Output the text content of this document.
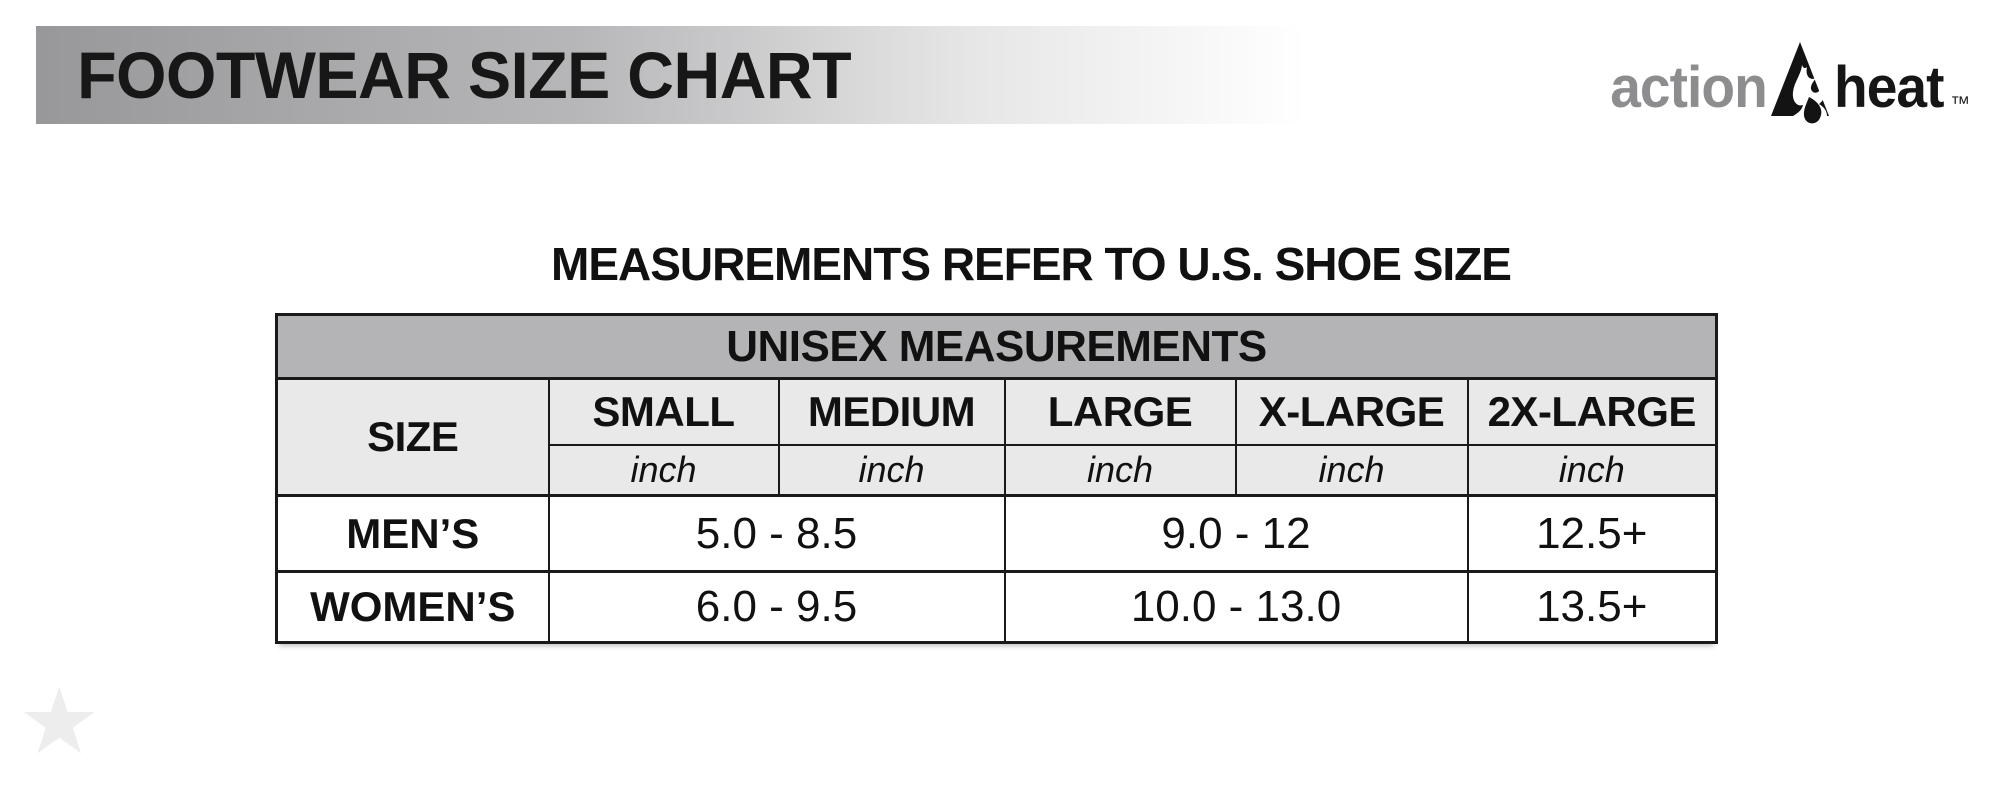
FOOTWEAR SIZE CHART	action heat ™
MEASUREMENTS REFER TO U.S. SHOE SIZE
UNISEX MEASUREMENTS					
SIZE	SMALL	MEDIUM	LARGE	X-LARGE	2X-LARGE
	inch	inch	inch	inch	inch
MEN’S	5.0 - 8.5		9.0 - 12		12.5+
WOMEN’S	6.0 - 9.5		10.0 - 13.0		13.5+
★
